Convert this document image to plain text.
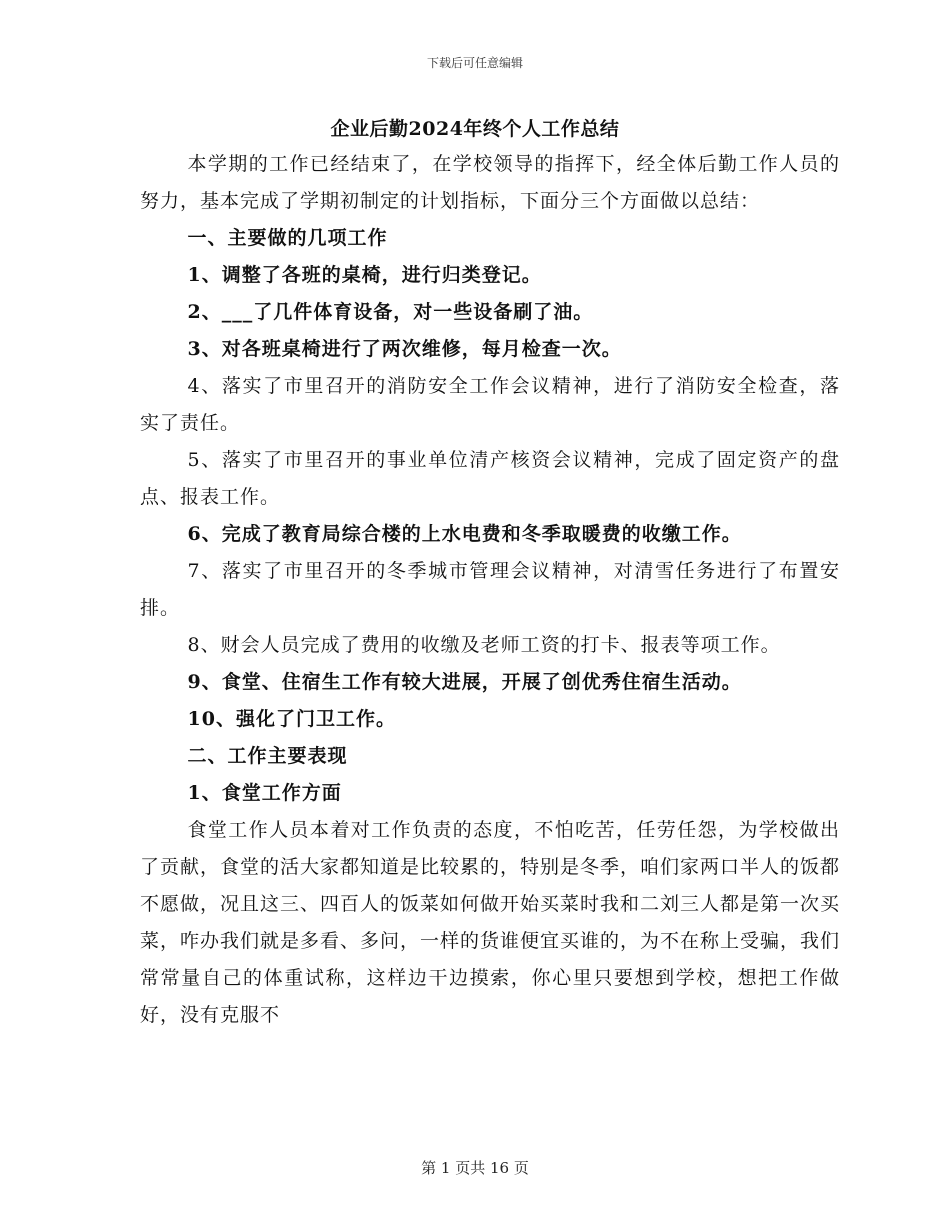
下载后可任意编辑
企业后勤2024年终个人工作总结

本学期的工作已经结束了，在学校领导的指挥下，经全体后勤工作人员的努力，基本完成了学期初制定的计划指标，下面分三个方面做以总结：

一、主要做的几项工作

1、调整了各班的桌椅，进行归类登记。

2、___了几件体育设备，对一些设备刷了油。

3、对各班桌椅进行了两次维修，每月检查一次。

4、落实了市里召开的消防安全工作会议精神，进行了消防安全检查，落实了责任。

5、落实了市里召开的事业单位清产核资会议精神，完成了固定资产的盘点、报表工作。

6、完成了教育局综合楼的上水电费和冬季取暖费的收缴工作。

7、落实了市里召开的冬季城市管理会议精神，对清雪任务进行了布置安排。

8、财会人员完成了费用的收缴及老师工资的打卡、报表等项工作。

9、食堂、住宿生工作有较大进展，开展了创优秀住宿生活动。

10、强化了门卫工作。

二、工作主要表现

1、食堂工作方面

食堂工作人员本着对工作负责的态度，不怕吃苦，任劳任怨，为学校做出了贡献，食堂的活大家都知道是比较累的，特别是冬季，咱们家两口半人的饭都不愿做，况且这三、四百人的饭菜如何做开始买菜时我和二刘三人都是第一次买菜，咋办我们就是多看、多问，一样的货谁便宜买谁的，为不在称上受骗，我们常常量自己的体重试称，这样边干边摸索，你心里只要想到学校，想把工作做好，没有克服不

第 1 页共 16 页
